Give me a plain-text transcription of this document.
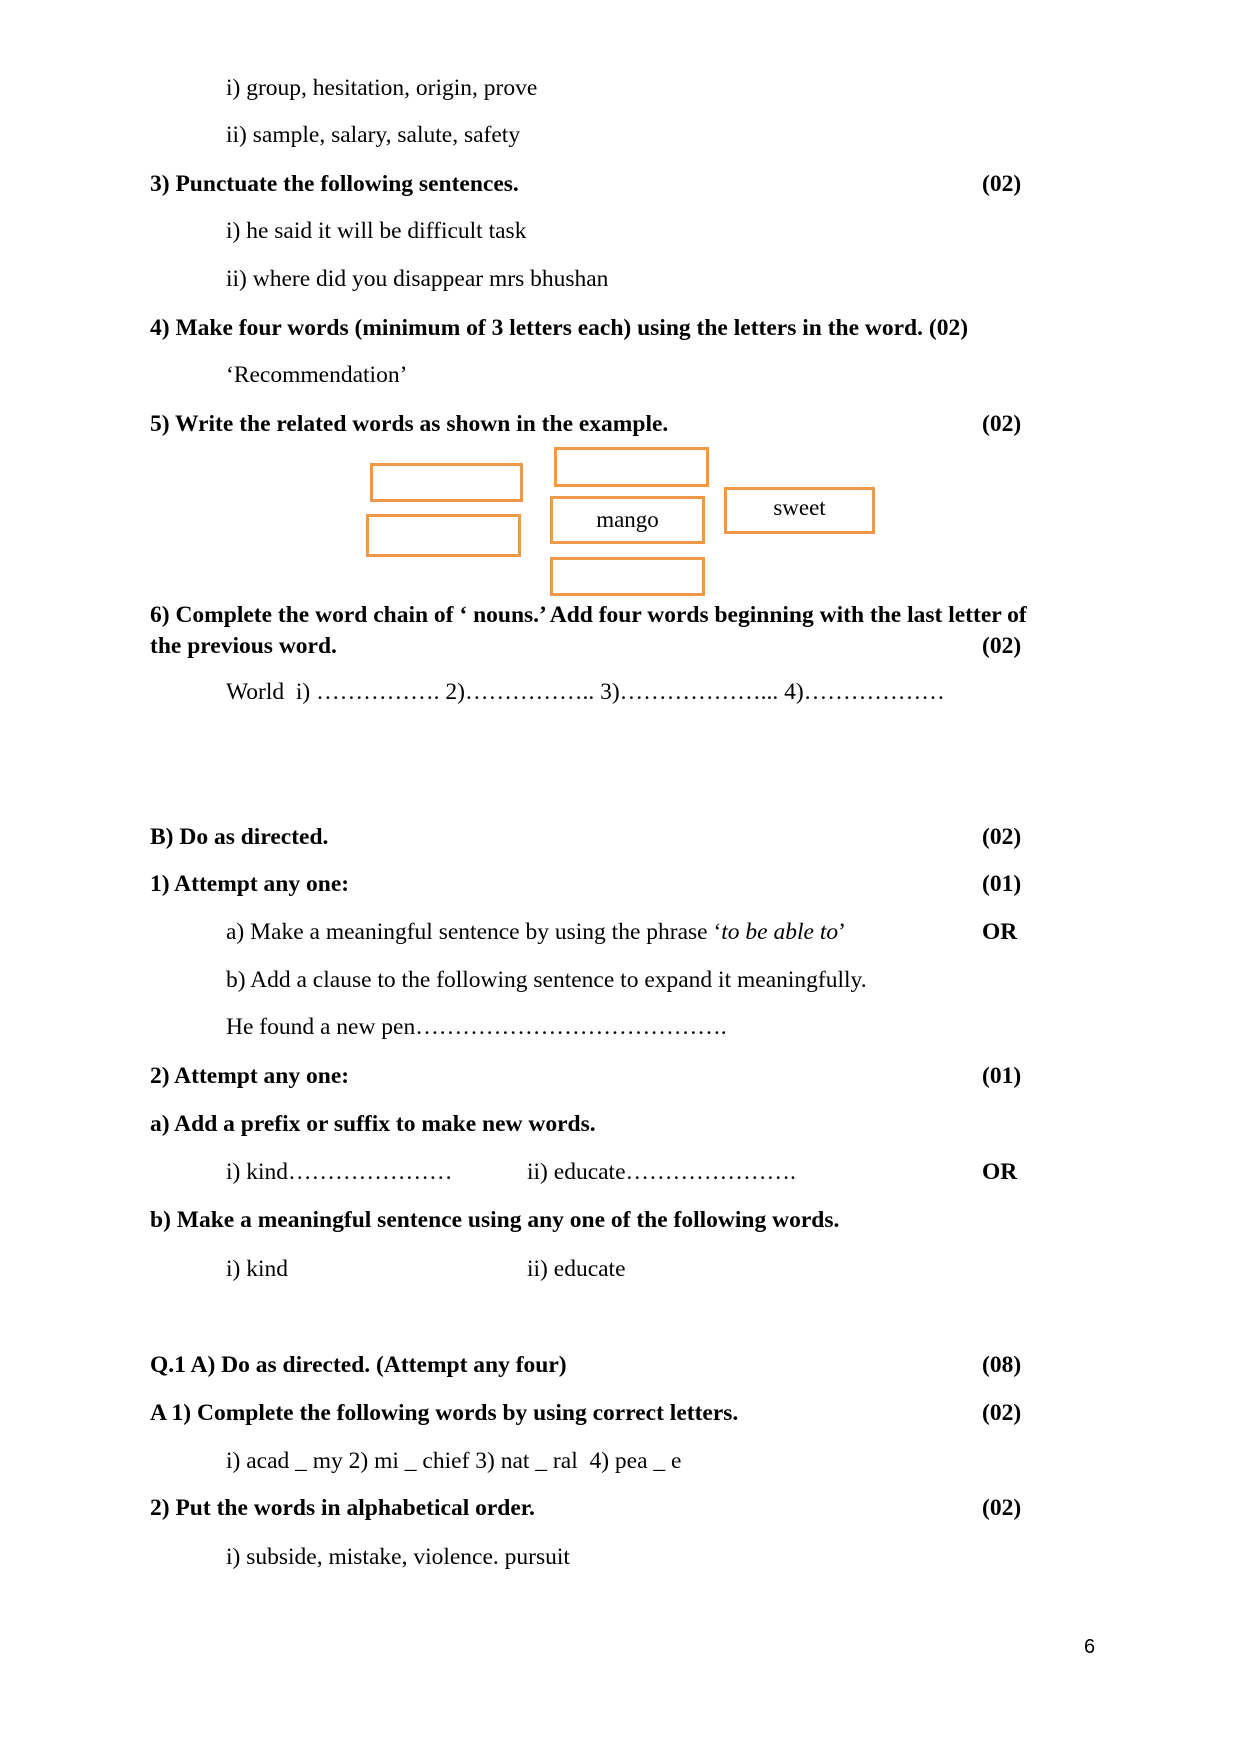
i) group, hesitation, origin, prove
ii) sample, salary, salute, safety
3) Punctuate the following sentences.	(02)
i) he said it will be difficult task
ii) where did you disappear mrs bhushan
4) Make four words (minimum of 3 letters each) using the letters in the word. (02)
‘Recommendation’
5) Write the related words as shown in the example.	(02)
mango	sweet
6) Complete the word chain of ‘ nouns.’ Add four words beginning with the last letter of
the previous word.	(02)
World  i) ……………. 2)…………….. 3)………………... 4)………………
B) Do as directed.	(02)
1) Attempt any one:	(01)
a) Make a meaningful sentence by using the phrase ‘to be able to’	OR
b) Add a clause to the following sentence to expand it meaningfully.
He found a new pen………………………………….
2) Attempt any one:	(01)
a) Add a prefix or suffix to make new words.
i) kind…………………	ii) educate………………….	OR
b) Make a meaningful sentence using any one of the following words.
i) kind	ii) educate
Q.1 A) Do as directed. (Attempt any four)	(08)
A 1) Complete the following words by using correct letters.	(02)
i) acad _ my 2) mi _ chief 3) nat _ ral  4) pea _ e
2) Put the words in alphabetical order.	(02)
i) subside, mistake, violence. pursuit
6
